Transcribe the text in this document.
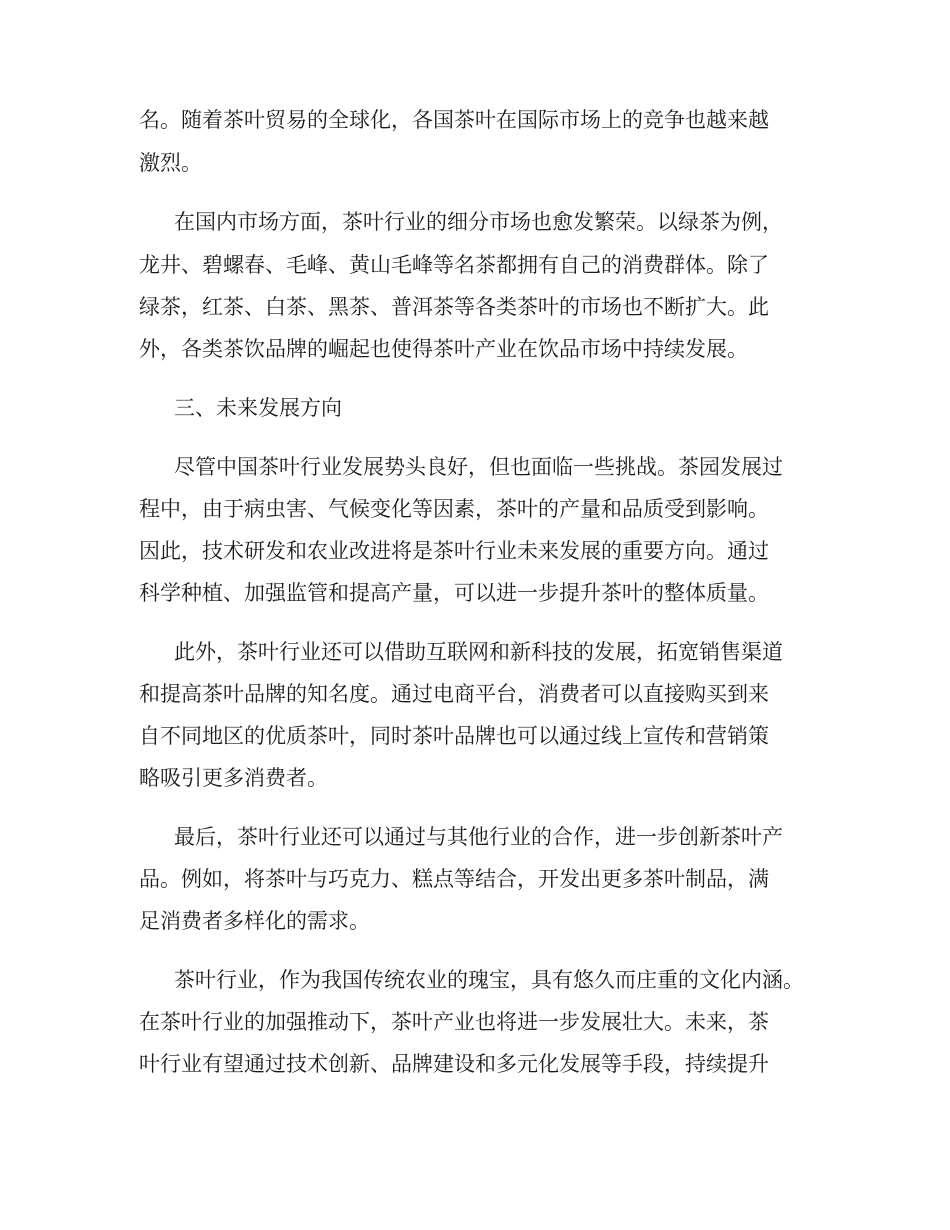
名。随着茶叶贸易的全球化，各国茶叶在国际市场上的竞争也越来越

激烈。

在国内市场方面，茶叶行业的细分市场也愈发繁荣。以绿茶为例，

龙井、碧螺春、毛峰、黄山毛峰等名茶都拥有自己的消费群体。除了

绿茶，红茶、白茶、黑茶、普洱茶等各类茶叶的市场也不断扩大。此

外，各类茶饮品牌的崛起也使得茶叶产业在饮品市场中持续发展。

三、未来发展方向

尽管中国茶叶行业发展势头良好，但也面临一些挑战。茶园发展过

程中，由于病虫害、气候变化等因素，茶叶的产量和品质受到影响。

因此，技术研发和农业改进将是茶叶行业未来发展的重要方向。通过

科学种植、加强监管和提高产量，可以进一步提升茶叶的整体质量。

此外，茶叶行业还可以借助互联网和新科技的发展，拓宽销售渠道

和提高茶叶品牌的知名度。通过电商平台，消费者可以直接购买到来

自不同地区的优质茶叶，同时茶叶品牌也可以通过线上宣传和营销策

略吸引更多消费者。

最后，茶叶行业还可以通过与其他行业的合作，进一步创新茶叶产

品。例如，将茶叶与巧克力、糕点等结合，开发出更多茶叶制品，满

足消费者多样化的需求。

茶叶行业，作为我国传统农业的瑰宝，具有悠久而庄重的文化内涵。

在茶叶行业的加强推动下，茶叶产业也将进一步发展壮大。未来，茶

叶行业有望通过技术创新、品牌建设和多元化发展等手段，持续提升
